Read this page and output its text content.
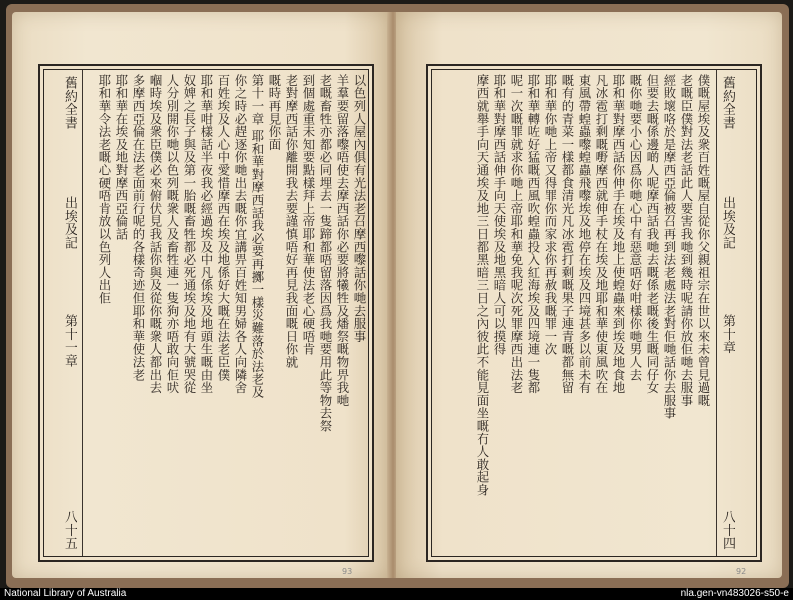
舊約全書
出埃及記
第十一章
八十五
以色列人屋內俱有光法老召摩西嚟話你哋去服事
羊羣要留落嚟唔使去摩西話你必要將犧牲及燔祭嘅物畀我哋
老嘅畜牲亦都必同埋去一隻蹄都唔留落因爲我哋要用此等物去祭
到個處重未知要點樣拜上帝耶和華使法老心硬唔肯
老對摩西話你離開我去要謹慎唔好再見我面嘅日你就
嘅時再見你面
第十一章 耶和華對摩西話我必要再擲一樣災難落於法老及
你之時必趕逐你哋出去嘅你宜講畀百姓知男婦各人向隣舍
百姓埃及人心中愛惜摩西在埃及地係好大嘅在法老臣僕
耶和華咁樣話半夜我必經過埃及中凡係埃及地頭生嘅由坐
奴婢之長子與及第一胎嘅畜牲都必死通埃及地有大號哭從
人分別開你哋以色列嘅衆人及畜牲連一隻狗亦唔敢向佢吠
嗰時埃及衆臣僕必來俯伏見我話你與及從你嘅衆人都出去
多摩西亞倫在法老面前行呢的各樣奇迹但耶和華使法老
耶和華在埃及地對摩西亞倫話
耶和華令法老嘅心硬唔肯放以色列人出佢
93
舊約全書
出埃及記
第十章
八十四
僕嘅屋埃及衆百姓嘅屋自從你父親祖宗在世以來未曾見過嘅
老嘅臣僕對法老話此人要害我哋到幾時呢請你放佢哋去服事
經敗壞咯於是摩西亞倫被召再到法老處法老對佢哋話你去服事
但要去嘅係邊啲人呢摩西話我哋去嘅係老嘅後生嘅同仔女
嘅你哋要小心因爲你哋心中有惡意唔好咁樣你哋男人去
耶和華對摩西話你伸手在埃及地上使蝗蟲來到埃及地食地
凡冰雹打剩嘅嘢摩西就伸手杖在埃及地耶和華使東風吹在
東風帶蝗蟲嚟蝗蟲飛嚟埃及地停在埃及四境甚多以前未有
嘅有的青菜一樣都食清光凡冰雹打剩嘅果子連青嘅都無留
耶和華你哋上帝又得罪你而家求你再赦我嘅罪一次
耶和華轉咗好猛嘅西風吹蝗蟲投入紅海埃及四境連一隻都
呢一次嘅罪就求你哋上帝耶和華免我呢次死罪摩西出法老
耶和華對摩西話伸手向天使埃及地黑暗人可以摸得
摩西就舉手向天通埃及地三日都黑暗三日之內彼此不能見面坐嘅冇人敢起身
92
National Library of Australia	nla.gen-vn483026-s50-e
